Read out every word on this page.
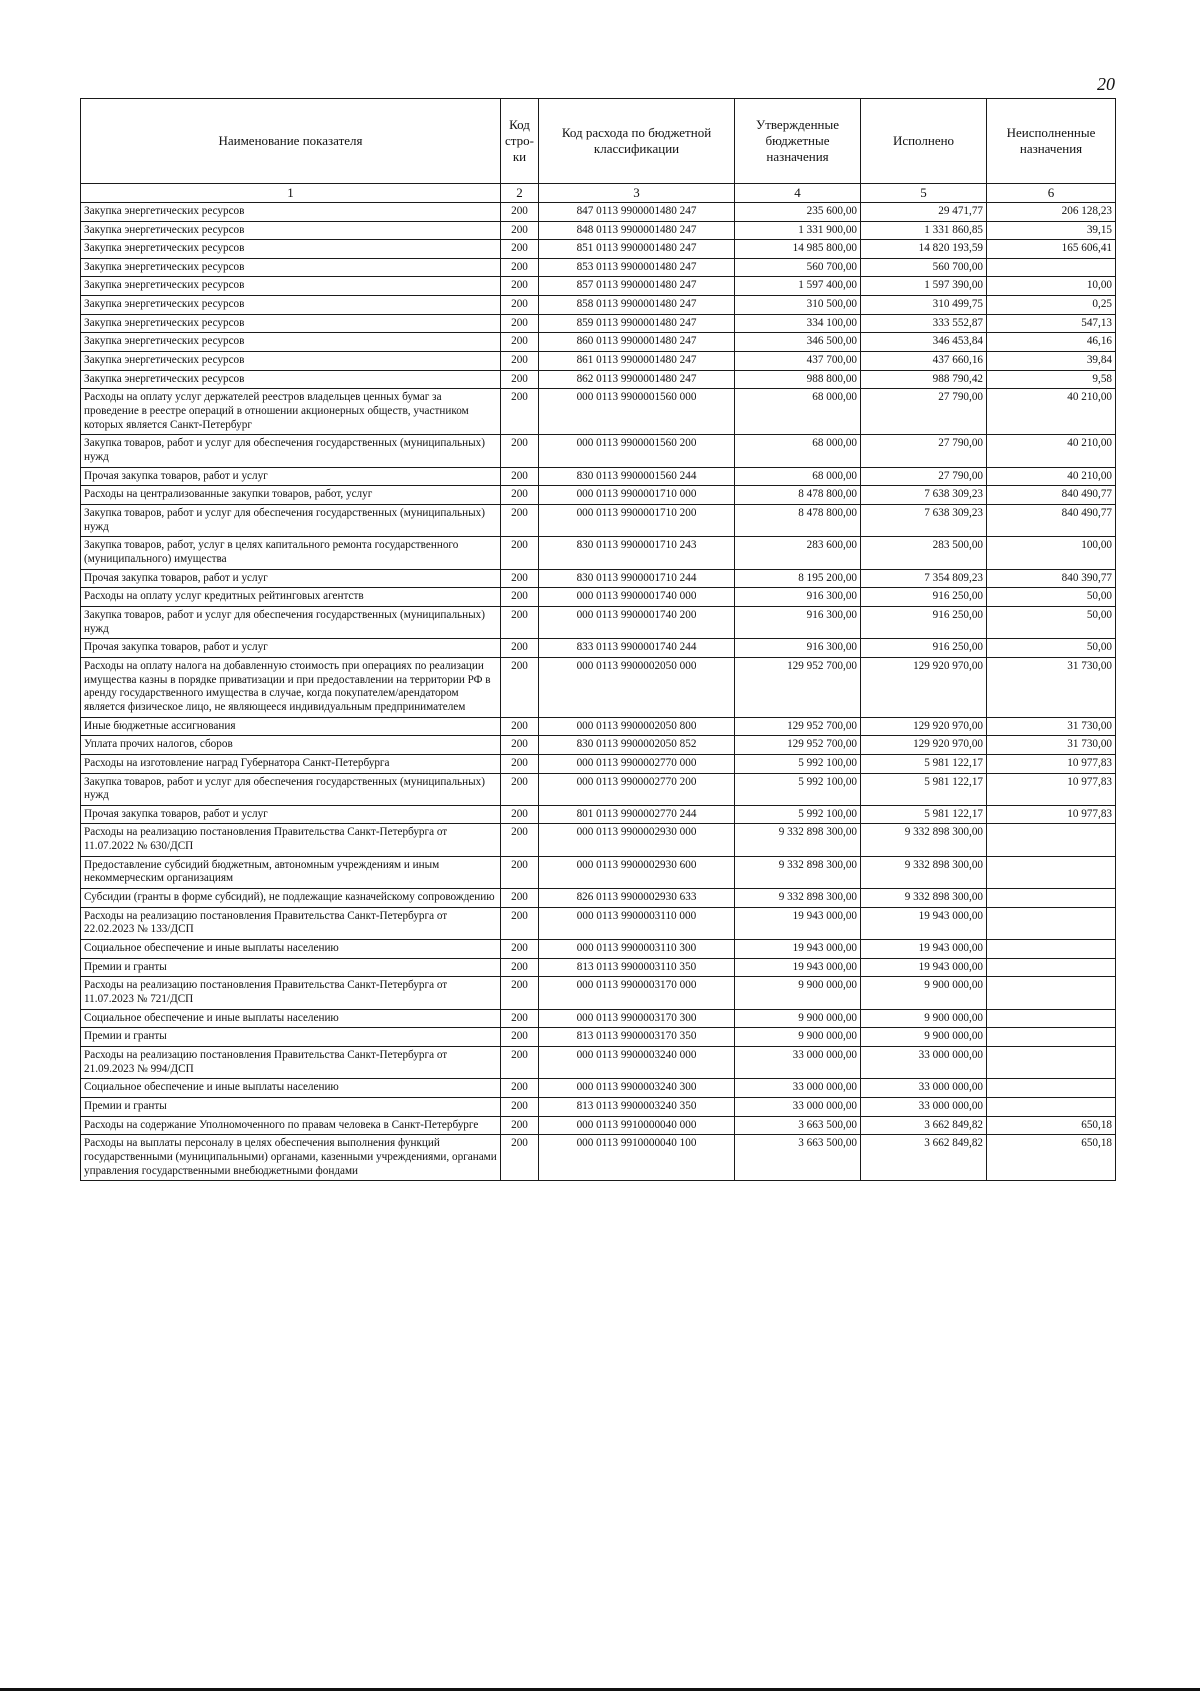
20
Наименование показателя	Код стро-ки	Код расхода по бюджетной классификации	Утвержденные бюджетные назначения	Исполнено	Неисполненные назначения
1	2	3	4	5	6
Закупка энергетических ресурсов	200	847 0113 9900001480 247	235 600,00	29 471,77	206 128,23
Закупка энергетических ресурсов	200	848 0113 9900001480 247	1 331 900,00	1 331 860,85	39,15
Закупка энергетических ресурсов	200	851 0113 9900001480 247	14 985 800,00	14 820 193,59	165 606,41
Закупка энергетических ресурсов	200	853 0113 9900001480 247	560 700,00	560 700,00	
Закупка энергетических ресурсов	200	857 0113 9900001480 247	1 597 400,00	1 597 390,00	10,00
Закупка энергетических ресурсов	200	858 0113 9900001480 247	310 500,00	310 499,75	0,25
Закупка энергетических ресурсов	200	859 0113 9900001480 247	334 100,00	333 552,87	547,13
Закупка энергетических ресурсов	200	860 0113 9900001480 247	346 500,00	346 453,84	46,16
Закупка энергетических ресурсов	200	861 0113 9900001480 247	437 700,00	437 660,16	39,84
Закупка энергетических ресурсов	200	862 0113 9900001480 247	988 800,00	988 790,42	9,58
Расходы на оплату услуг держателей реестров владельцев ценных бумаг за проведение в реестре операций в отношении акционерных обществ, участником которых является Санкт-Петербург	200	000 0113 9900001560 000	68 000,00	27 790,00	40 210,00
Закупка товаров, работ и услуг для обеспечения государственных (муниципальных) нужд	200	000 0113 9900001560 200	68 000,00	27 790,00	40 210,00
Прочая закупка товаров, работ и услуг	200	830 0113 9900001560 244	68 000,00	27 790,00	40 210,00
Расходы на централизованные закупки товаров, работ, услуг	200	000 0113 9900001710 000	8 478 800,00	7 638 309,23	840 490,77
Закупка товаров, работ и услуг для обеспечения государственных (муниципальных) нужд	200	000 0113 9900001710 200	8 478 800,00	7 638 309,23	840 490,77
Закупка товаров, работ, услуг в целях капитального ремонта государственного (муниципального) имущества	200	830 0113 9900001710 243	283 600,00	283 500,00	100,00
Прочая закупка товаров, работ и услуг	200	830 0113 9900001710 244	8 195 200,00	7 354 809,23	840 390,77
Расходы на оплату услуг кредитных рейтинговых агентств	200	000 0113 9900001740 000	916 300,00	916 250,00	50,00
Закупка товаров, работ и услуг для обеспечения государственных (муниципальных) нужд	200	000 0113 9900001740 200	916 300,00	916 250,00	50,00
Прочая закупка товаров, работ и услуг	200	833 0113 9900001740 244	916 300,00	916 250,00	50,00
Расходы на оплату налога на добавленную стоимость при операциях по реализации имущества казны в порядке приватизации и при предоставлении на территории РФ в аренду государственного имущества в случае, когда покупателем/арендатором является физическое лицо, не являющееся индивидуальным предпринимателем	200	000 0113 9900002050 000	129 952 700,00	129 920 970,00	31 730,00
Иные бюджетные ассигнования	200	000 0113 9900002050 800	129 952 700,00	129 920 970,00	31 730,00
Уплата прочих налогов, сборов	200	830 0113 9900002050 852	129 952 700,00	129 920 970,00	31 730,00
Расходы на изготовление наград Губернатора Санкт-Петербурга	200	000 0113 9900002770 000	5 992 100,00	5 981 122,17	10 977,83
Закупка товаров, работ и услуг для обеспечения государственных (муниципальных) нужд	200	000 0113 9900002770 200	5 992 100,00	5 981 122,17	10 977,83
Прочая закупка товаров, работ и услуг	200	801 0113 9900002770 244	5 992 100,00	5 981 122,17	10 977,83
Расходы на реализацию постановления Правительства Санкт-Петербурга от 11.07.2022 № 630/ДСП	200	000 0113 9900002930 000	9 332 898 300,00	9 332 898 300,00	
Предоставление субсидий бюджетным, автономным учреждениям и иным некоммерческим организациям	200	000 0113 9900002930 600	9 332 898 300,00	9 332 898 300,00	
Субсидии (гранты в форме субсидий), не подлежащие казначейскому сопровождению	200	826 0113 9900002930 633	9 332 898 300,00	9 332 898 300,00	
Расходы на реализацию постановления Правительства Санкт-Петербурга от 22.02.2023 № 133/ДСП	200	000 0113 9900003110 000	19 943 000,00	19 943 000,00	
Социальное обеспечение и иные выплаты населению	200	000 0113 9900003110 300	19 943 000,00	19 943 000,00	
Премии и гранты	200	813 0113 9900003110 350	19 943 000,00	19 943 000,00	
Расходы на реализацию постановления Правительства Санкт-Петербурга от 11.07.2023 № 721/ДСП	200	000 0113 9900003170 000	9 900 000,00	9 900 000,00	
Социальное обеспечение и иные выплаты населению	200	000 0113 9900003170 300	9 900 000,00	9 900 000,00	
Премии и гранты	200	813 0113 9900003170 350	9 900 000,00	9 900 000,00	
Расходы на реализацию постановления Правительства Санкт-Петербурга от 21.09.2023 № 994/ДСП	200	000 0113 9900003240 000	33 000 000,00	33 000 000,00	
Социальное обеспечение и иные выплаты населению	200	000 0113 9900003240 300	33 000 000,00	33 000 000,00	
Премии и гранты	200	813 0113 9900003240 350	33 000 000,00	33 000 000,00	
Расходы на содержание Уполномоченного по правам человека в Санкт-Петербурге	200	000 0113 9910000040 000	3 663 500,00	3 662 849,82	650,18
Расходы на выплаты персоналу в целях обеспечения выполнения функций государственными (муниципальными) органами, казенными учреждениями, органами управления государственными внебюджетными фондами	200	000 0113 9910000040 100	3 663 500,00	3 662 849,82	650,18
